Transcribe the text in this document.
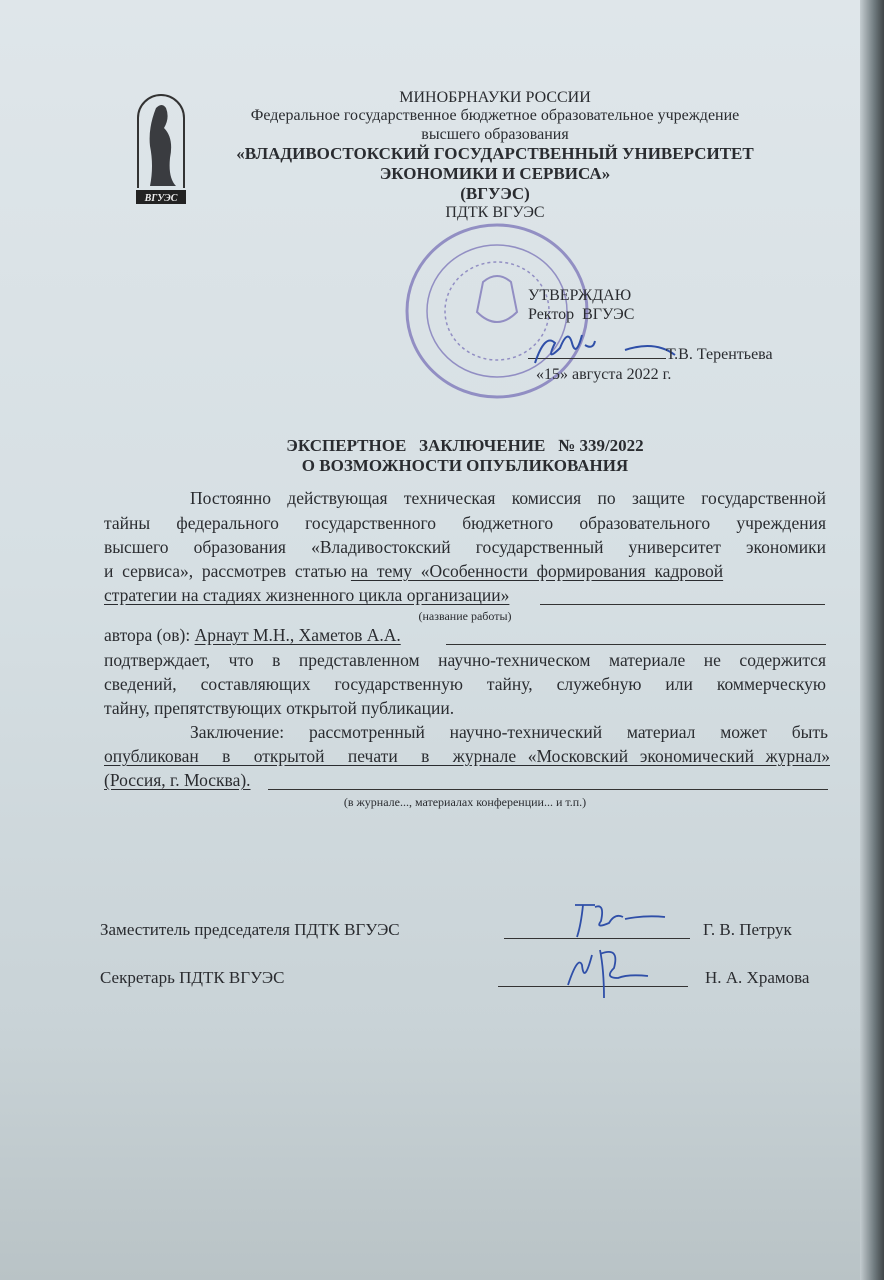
ВГУЭС
МИНОБРНАУКИ РОССИИ
Федеральное государственное бюджетное образовательное учреждение
высшего образования
«ВЛАДИВОСТОКСКИЙ ГОСУДАРСТВЕННЫЙ УНИВЕРСИТЕТ
ЭКОНОМИКИ И СЕРВИСА»
(ВГУЭС)
ПДТК ВГУЭС
УТВЕРЖДАЮ
Ректор  ВГУЭС
Т.В. Терентьева
«15» августа 2022 г.
ЭКСПЕРТНОЕ   ЗАКЛЮЧЕНИЕ   № 339/2022
О ВОЗМОЖНОСТИ ОПУБЛИКОВАНИЯ
Постоянно действующая техническая комиссия по защите государственной
тайны федерального государственного бюджетного образовательного учреждения
высшего образования «Владивостокский государственный университет экономики
и  сервиса»,  рассмотрев  статью на  тему  «Особенности  формирования  кадровой
стратегии на стадиях жизненного цикла организации»
(название работы)
автора (ов): Арнаут М.Н., Хаметов А.А.
подтверждает, что в представленном научно-техническом материале не содержится
сведений, составляющих государственную тайну, служебную или коммерческую
тайну, препятствующих открытой публикации.
Заключение: рассмотренный научно-технический материал может быть
опубликован  в  открытой  печати  в  журнале «Московский экономический журнал»
(Россия, г. Москва).
(в журнале..., материалах конференции... и т.п.)
Заместитель председателя ПДТК ВГУЭС	Г. В. Петрук
Секретарь ПДТК ВГУЭС	Н. А. Храмова
